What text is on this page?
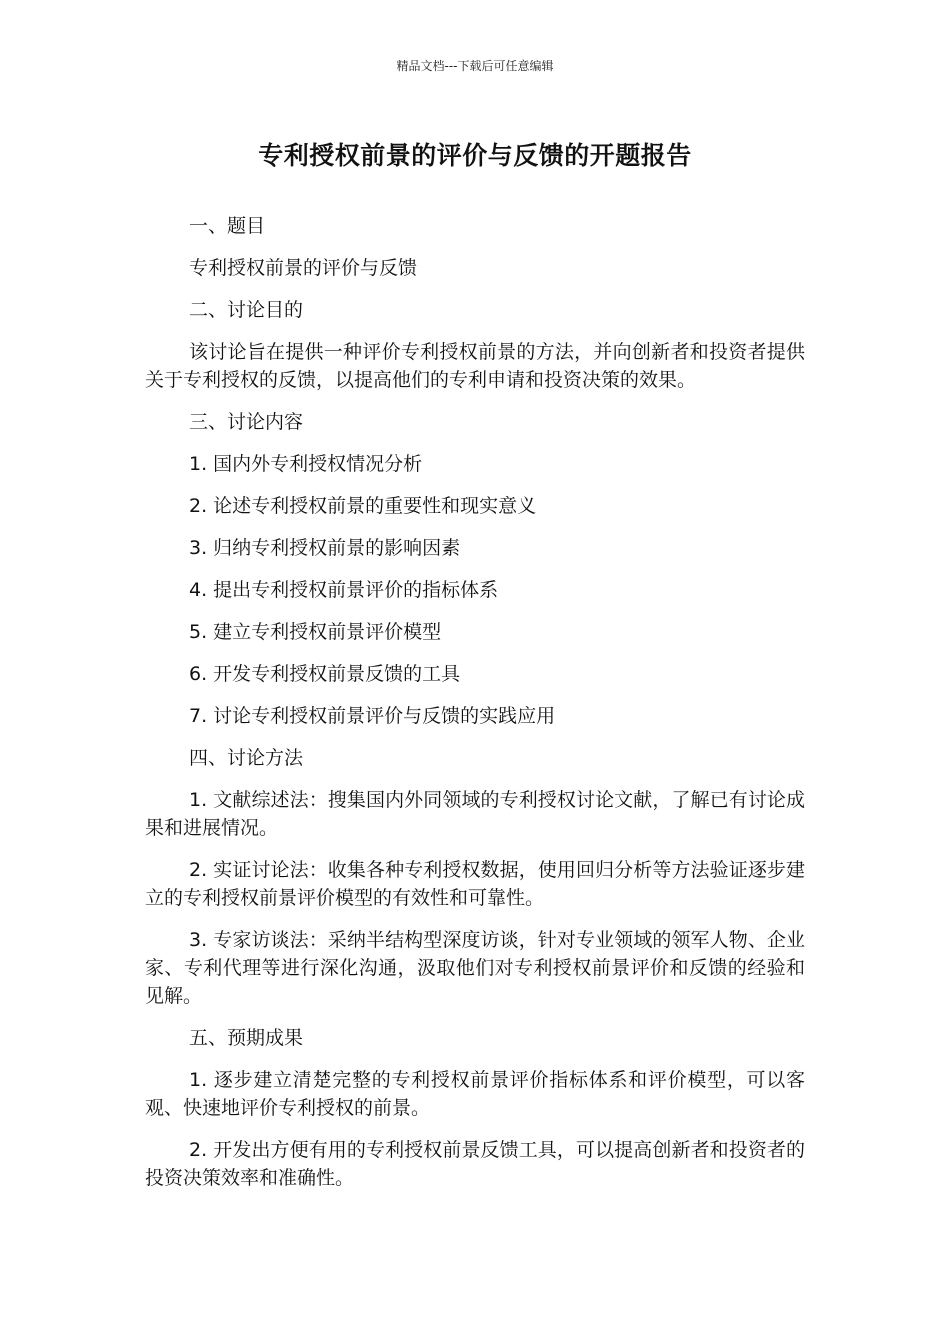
精品文档---下载后可任意编辑
专利授权前景的评价与反馈的开题报告

一、题目

专利授权前景的评价与反馈

二、讨论目的

该讨论旨在提供一种评价专利授权前景的方法，并向创新者和投资者提供关于专利授权的反馈，以提高他们的专利申请和投资决策的效果。

三、讨论内容

1. 国内外专利授权情况分析

2. 论述专利授权前景的重要性和现实意义

3. 归纳专利授权前景的影响因素

4. 提出专利授权前景评价的指标体系

5. 建立专利授权前景评价模型

6. 开发专利授权前景反馈的工具

7. 讨论专利授权前景评价与反馈的实践应用

四、讨论方法

1. 文献综述法：搜集国内外同领域的专利授权讨论文献，了解已有讨论成果和进展情况。

2. 实证讨论法：收集各种专利授权数据，使用回归分析等方法验证逐步建立的专利授权前景评价模型的有效性和可靠性。

3. 专家访谈法：采纳半结构型深度访谈，针对专业领域的领军人物、企业家、专利代理等进行深化沟通，汲取他们对专利授权前景评价和反馈的经验和见解。

五、预期成果

1. 逐步建立清楚完整的专利授权前景评价指标体系和评价模型，可以客观、快速地评价专利授权的前景。

2. 开发出方便有用的专利授权前景反馈工具，可以提高创新者和投资者的投资决策效率和准确性。
